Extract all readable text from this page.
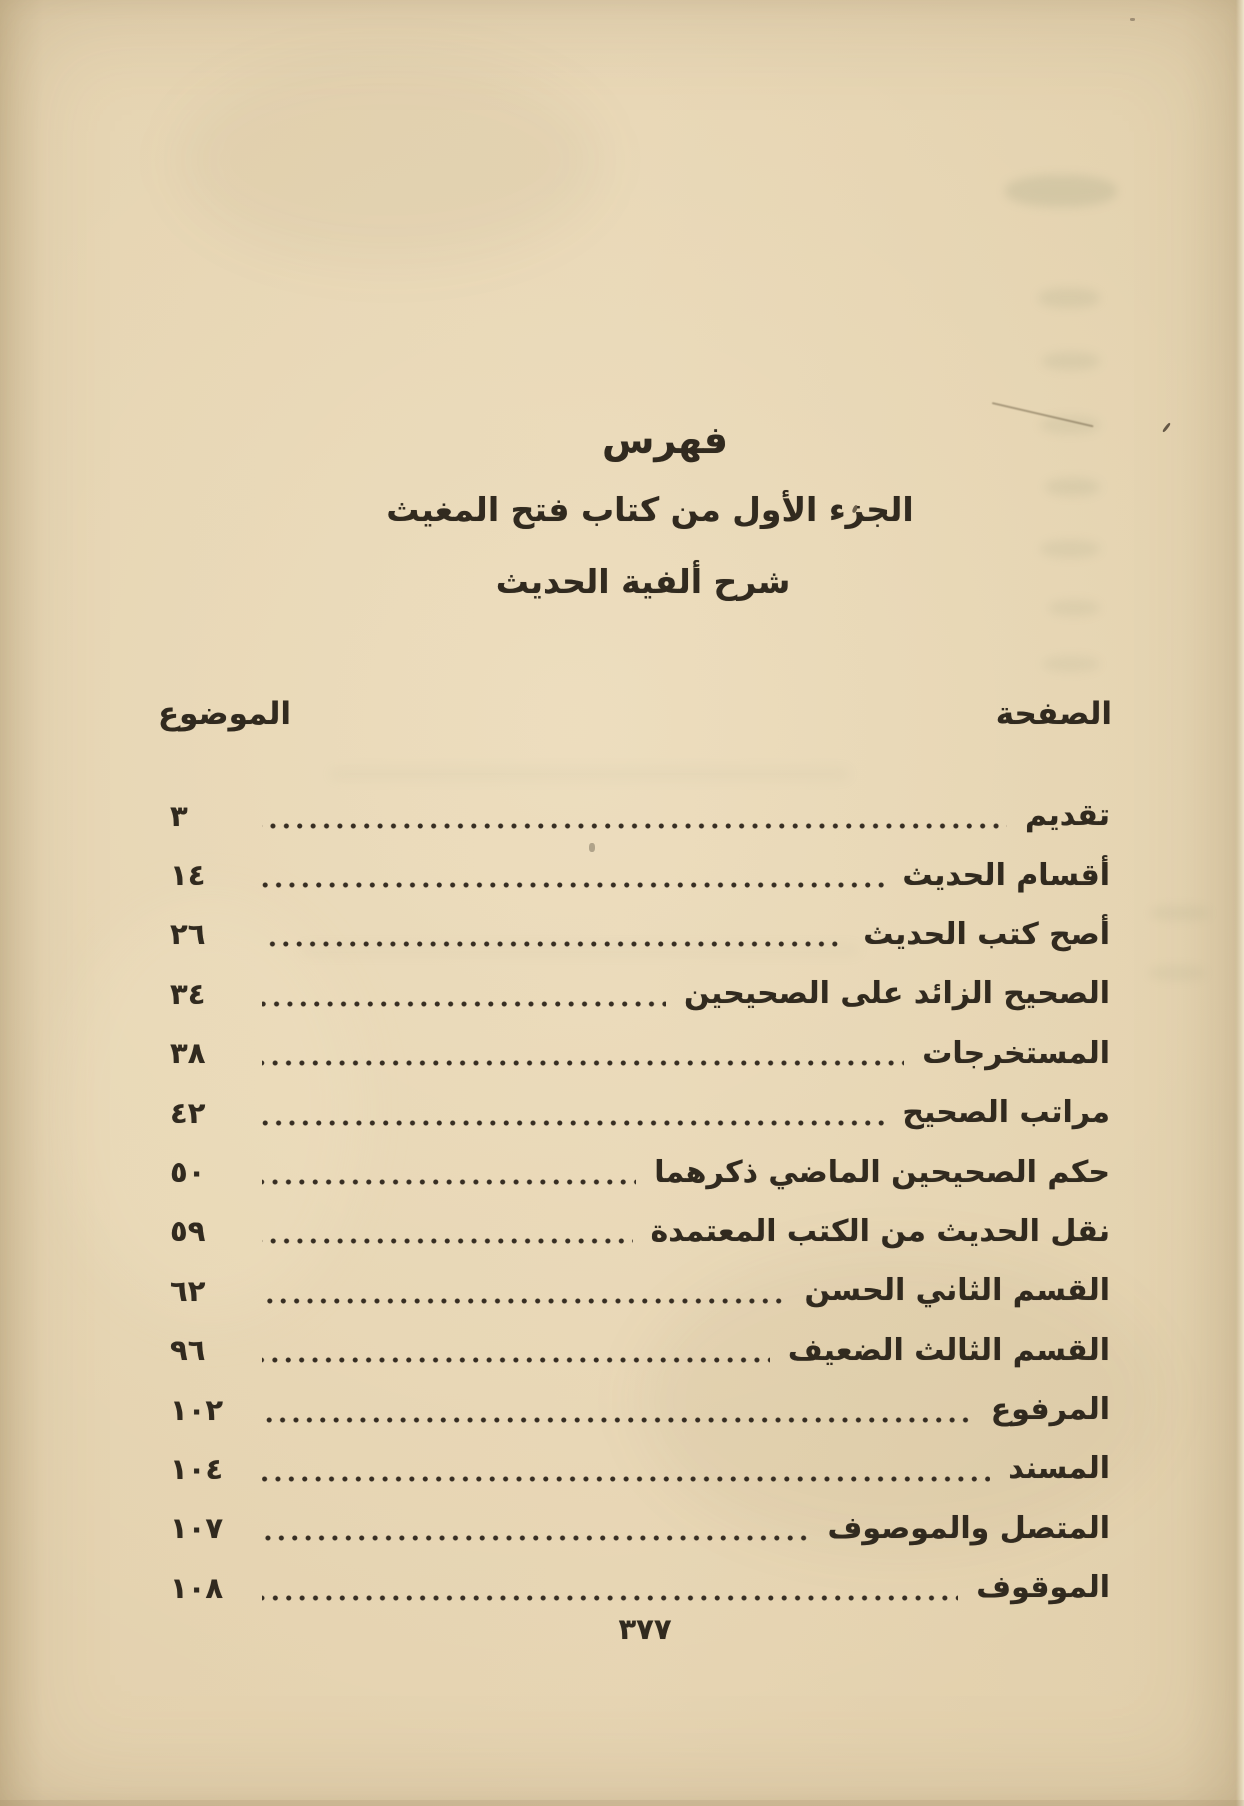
فهرس
الجزء الأول من كتاب فتح المغيث
شرح ألفية الحديث
الصفحة
الموضوع
تقديم
٣
أقسام الحديث
١٤
أصح كتب الحديث
٢٦
الصحيح الزائد على الصحيحين
٣٤
المستخرجات
٣٨
مراتب الصحيح
٤٢
حكم الصحيحين الماضي ذكرهما
٥٠
نقل الحديث من الكتب المعتمدة
٥٩
القسم الثاني الحسن
٦٢
القسم الثالث الضعيف
٩٦
المرفوع
١٠٢
المسند
١٠٤
المتصل والموصوف
١٠٧
الموقوف
١٠٨
٣٧٧
